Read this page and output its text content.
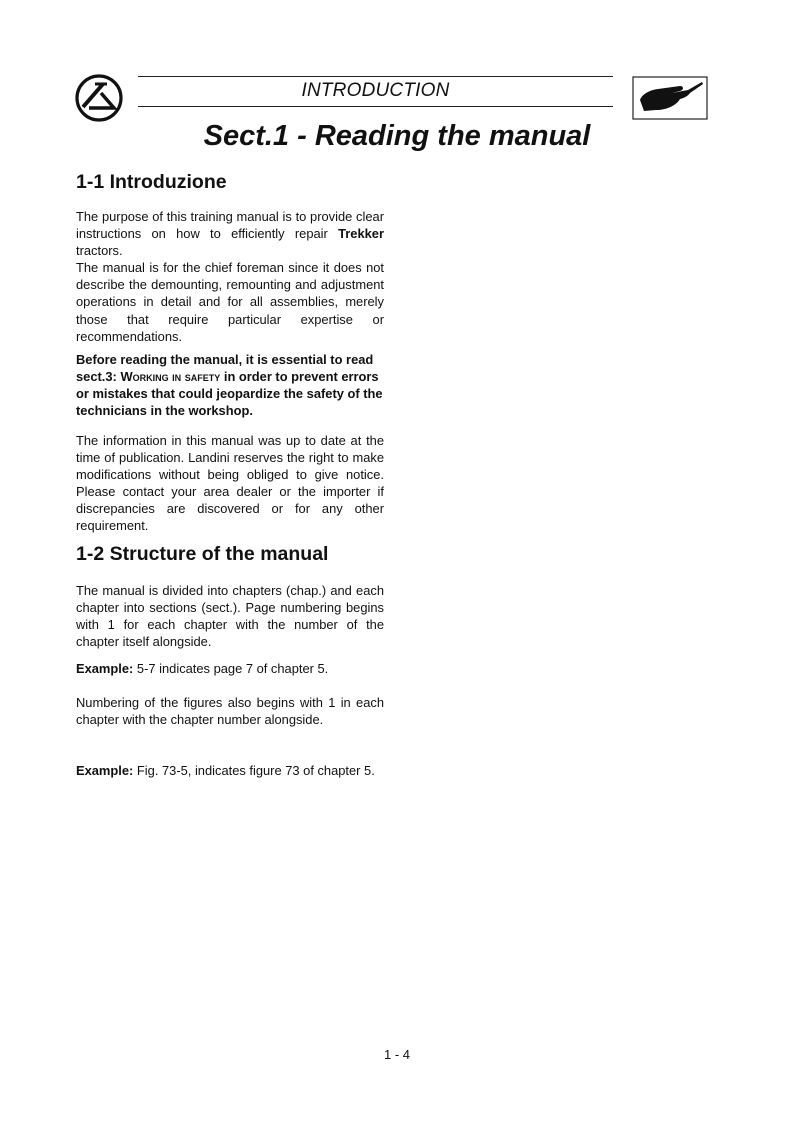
INTRODUCTION
Sect.1 - Reading the manual
1-1 Introduzione

The purpose of this training manual is to provide clear instructions on how to efficiently repair Trekker tractors.

The manual is for the chief foreman since it does not describe the demounting, remounting and adjustment operations in detail and for all assemblies, merely those that require particular expertise or recommendations.

Before reading the manual, it is essential to read sect.3: Working in safety in order to prevent errors or mistakes that could jeopardize the safety of the technicians in the workshop.

The information in this manual was up to date at the time of publication. Landini reserves the right to make modifications without being obliged to give notice. Please contact your area dealer or the importer if discrepancies are discovered or for any other requirement.

1-2 Structure of the manual

The manual is divided into chapters (chap.) and each chapter into sections (sect.). Page numbering begins with 1 for each chapter with the number of the chapter itself alongside.

Example: 5-7 indicates page 7 of chapter 5.

Numbering of the figures also begins with 1 in each chapter with the chapter number alongside.

Example: Fig. 73-5, indicates figure 73 of chapter 5.

1 - 4
